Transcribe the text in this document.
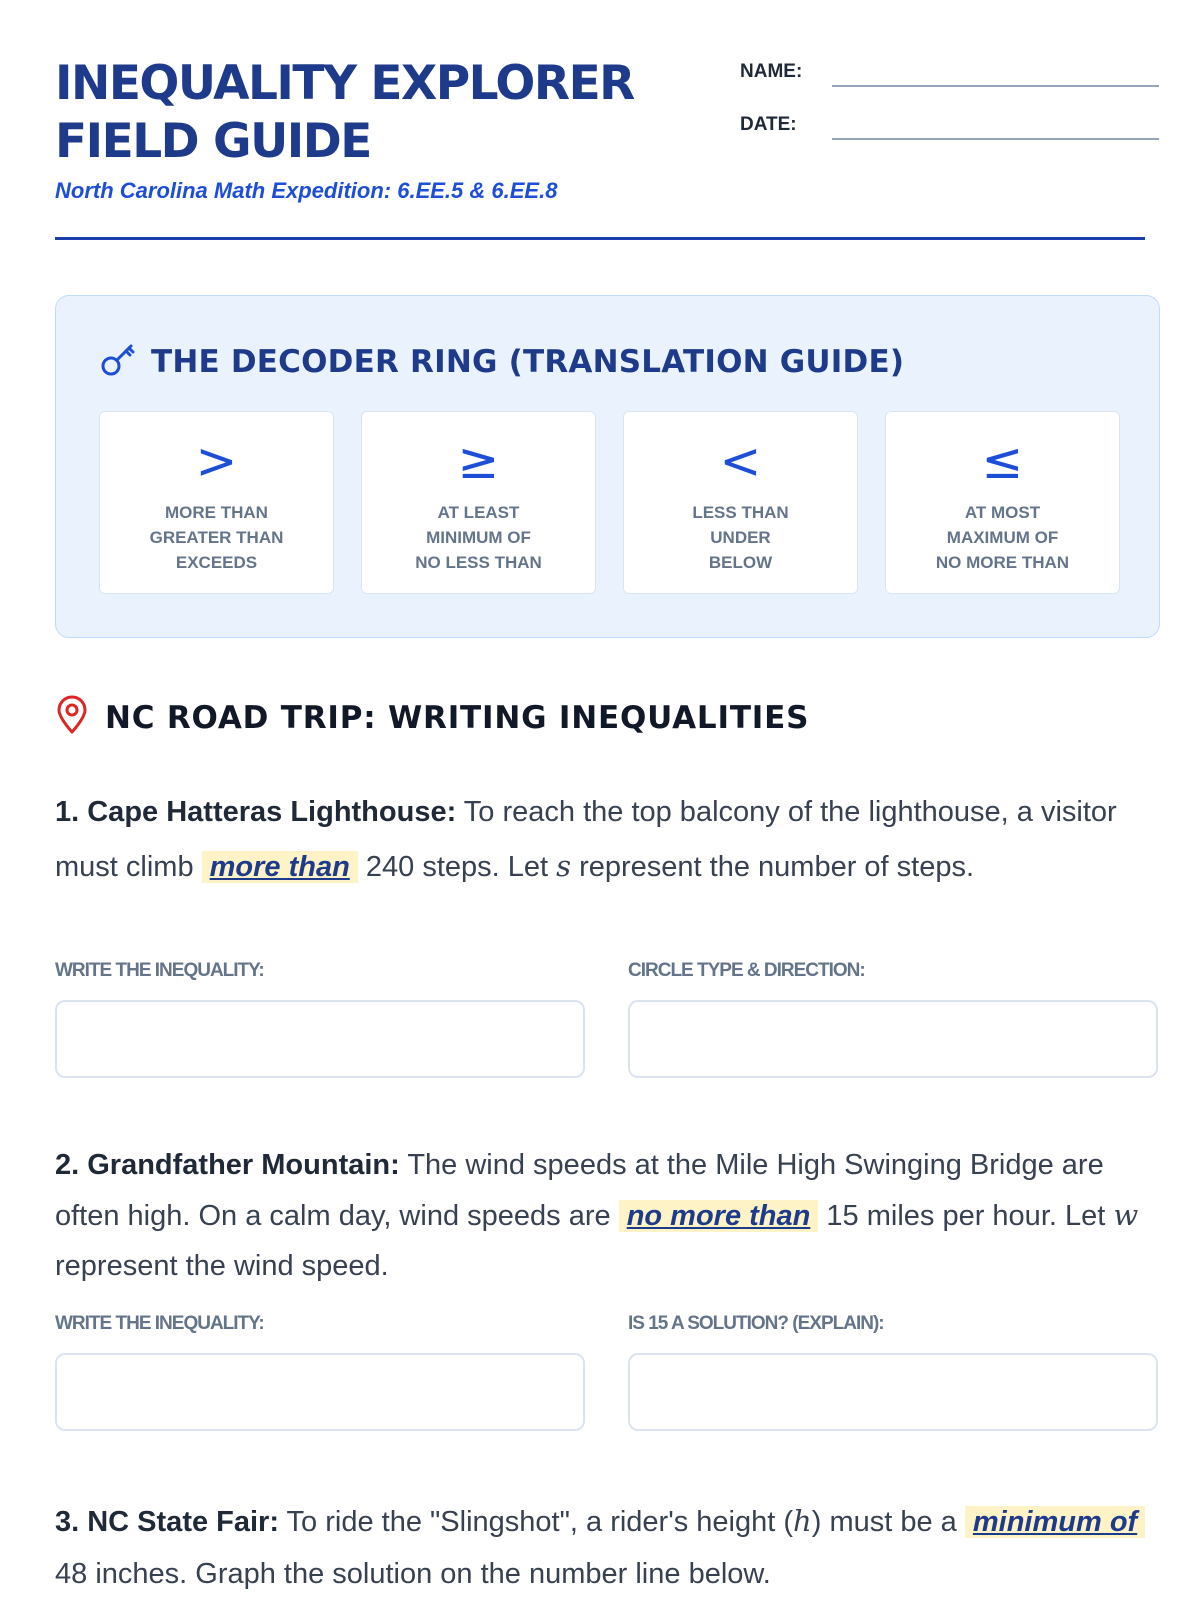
INEQUALITY EXPLORER
FIELD GUIDE
North Carolina Math Expedition: 6.EE.5 & 6.EE.8
NAME:
DATE:
THE DECODER RING (TRANSLATION GUIDE)
>
MORE THAN
GREATER THAN
EXCEEDS
≥
AT LEAST
MINIMUM OF
NO LESS THAN
<
LESS THAN
UNDER
BELOW
≤
AT MOST
MAXIMUM OF
NO MORE THAN
NC ROAD TRIP: WRITING INEQUALITIES
1. Cape Hatteras Lighthouse: To reach the top balcony of the lighthouse, a visitor must climb more than 240 steps. Let s represent the number of steps.
WRITE THE INEQUALITY:	CIRCLE TYPE & DIRECTION:
2. Grandfather Mountain: The wind speeds at the Mile High Swinging Bridge are often high. On a calm day, wind speeds are no more than 15 miles per hour. Let w represent the wind speed.
WRITE THE INEQUALITY:	IS 15 A SOLUTION? (EXPLAIN):
3. NC State Fair: To ride the "Slingshot", a rider's height (h) must be a minimum of 48 inches. Graph the solution on the number line below.
